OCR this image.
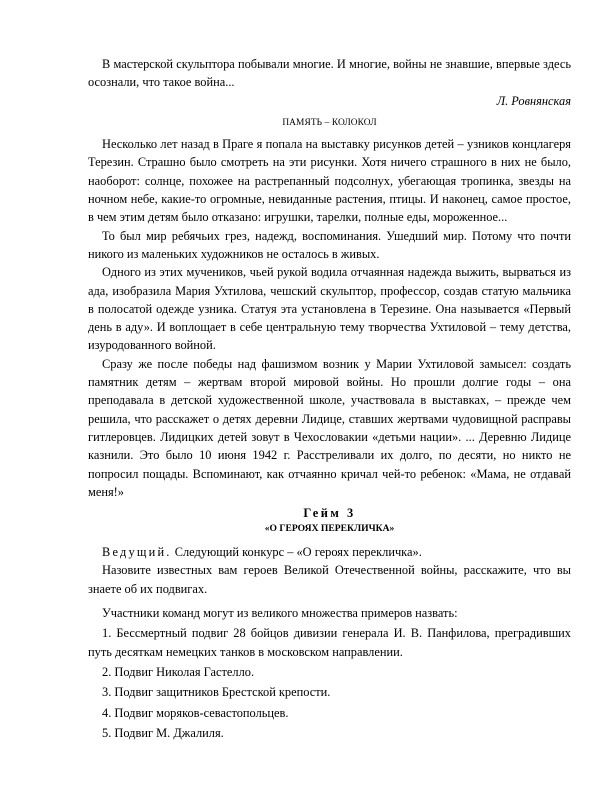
В мастерской скульптора побывали многие. И многие, войны не знавшие, впервые здесь осознали, что такое война...

Л. Ровнянская
ПАМЯТЬ – КОЛОКОЛ

Несколько лет назад в Праге я попала на выставку рисунков детей – узников концлагеря Терезин. Страшно было смотреть на эти рисунки. Хотя ничего страшного в них не было, наоборот: солнце, похожее на растрепанный подсолнух, убегающая тропинка, звезды на ночном небе, какие-то огромные, невиданные растения, птицы. И наконец, самое простое, в чем этим детям было отказано: игрушки, тарелки, полные еды, мороженное...

То был мир ребячьих грез, надежд, воспоминания. Ушедший мир. Потому что почти никого из маленьких художников не осталось в живых.

Одного из этих мучеников, чьей рукой водила отчаянная надежда выжить, вырваться из ада, изобразила Мария Ухтилова, чешский скульптор, профессор, создав статую мальчика в полосатой одежде узника. Статуя эта установлена в Терезине. Она называется «Первый день в аду». И воплощает в себе центральную тему творчества Ухтиловой – тему детства, изуродованного войной.

Сразу же после победы над фашизмом возник у Марии Ухтиловой замысел: создать памятник детям – жертвам второй мировой войны. Но прошли долгие годы – она преподавала в детской художественной школе, участвовала в выставках, – прежде чем решила, что расскажет о детях деревни Лидице, ставших жертвами чудовищной расправы гитлеровцев. Лидицких детей зовут в Чехословакии «детьми нации». ... Деревню Лидице казнили. Это было 10 июня 1942 г. Расстреливали их долго, по десяти, но никто не попросил пощады. Вспоминают, как отчаянно кричал чей-то ребенок: «Мама, не отдавай меня!»

Гейм 3
«О ГЕРОЯХ ПЕРЕКЛИЧКА»

Ведущий. Следующий конкурс – «О героях перекличка».

Назовите известных вам героев Великой Отечественной войны, расскажите, что вы знаете об их подвигах.

Участники команд могут из великого множества примеров назвать:

1. Бессмертный подвиг 28 бойцов дивизии генерала И. В. Панфилова, преградивших путь десяткам немецких танков в московском направлении.

2. Подвиг Николая Гастелло.

3. Подвиг защитников Брестской крепости.

4. Подвиг моряков-севастопольцев.

5. Подвиг М. Джалиля.
